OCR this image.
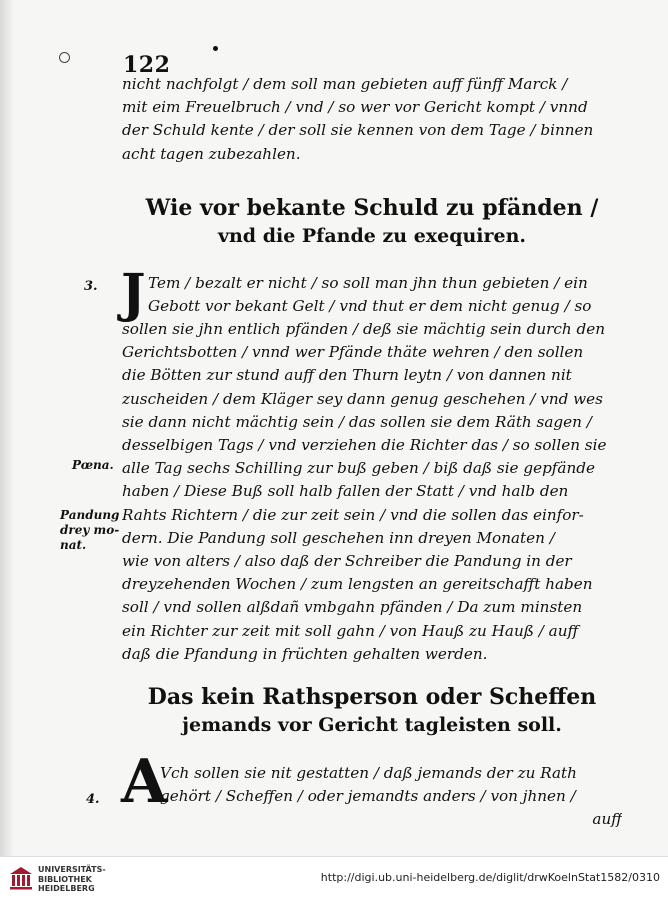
122
nicht nachfolgt / dem soll man gebieten auff fünff Marck /
mit eim Freuelbruch / vnd / so wer vor Gericht kompt / vnnd
der Schuld kente / der soll sie kennen von dem Tage / binnen
acht tagen zubezahlen.
Wie vor bekante Schuld zu pfänden /
vnd die Pfande zu exequiren.
3. J Tem / bezalt er nicht / so soll man jhn thun gebieten / ein
Gebott vor bekant Gelt / vnd thut er dem nicht genug / so
sollen sie jhn entlich pfänden / deß sie mächtig sein durch den
Gerichtsbotten / vnnd wer Pfände thäte wehren / den sollen
die Bötten zur stund auff den Thurn leytn / von dannen nit
zuscheiden / dem Kläger sey dann genug geschehen / vnd wes
sie dann nicht mächtig sein / das sollen sie dem Räth sagen /
desselbigen Tags / vnd verziehen die Richter das / so sollen sie
alle Tag sechs Schilling zur buß geben / biß daß sie gepfände
haben / Diese Buß soll halb fallen der Statt / vnd halb den
Rahts Richtern / die zur zeit sein / vnd die sollen das einfor-
dern. Die Pandung soll geschehen inn dreyen Monaten /
wie von alters / also daß der Schreiber die Pandung in der
dreyzehenden Wochen / zum lengsten an gereitschafft haben
soll / vnd sollen alßdañ vmbgahn pfänden / Da zum minsten
ein Richter zur zeit mit soll gahn / von Hauß zu Hauß / auff
daß die Pfandung in früchten gehalten werden.
Pœna.
Pandung
drey mo-
nat.
Das kein Rathsperson oder Scheffen
jemands vor Gericht tagleisten soll.
A
4.
Vch sollen sie nit gestatten / daß jemands der zu Rath
gehört / Scheffen / oder jemandts anders / von jhnen /
auff
UNIVERSITÄTS-
BIBLIOTHEK
HEIDELBERG
http://digi.ub.uni-heidelberg.de/diglit/drwKoelnStat1582/0310
